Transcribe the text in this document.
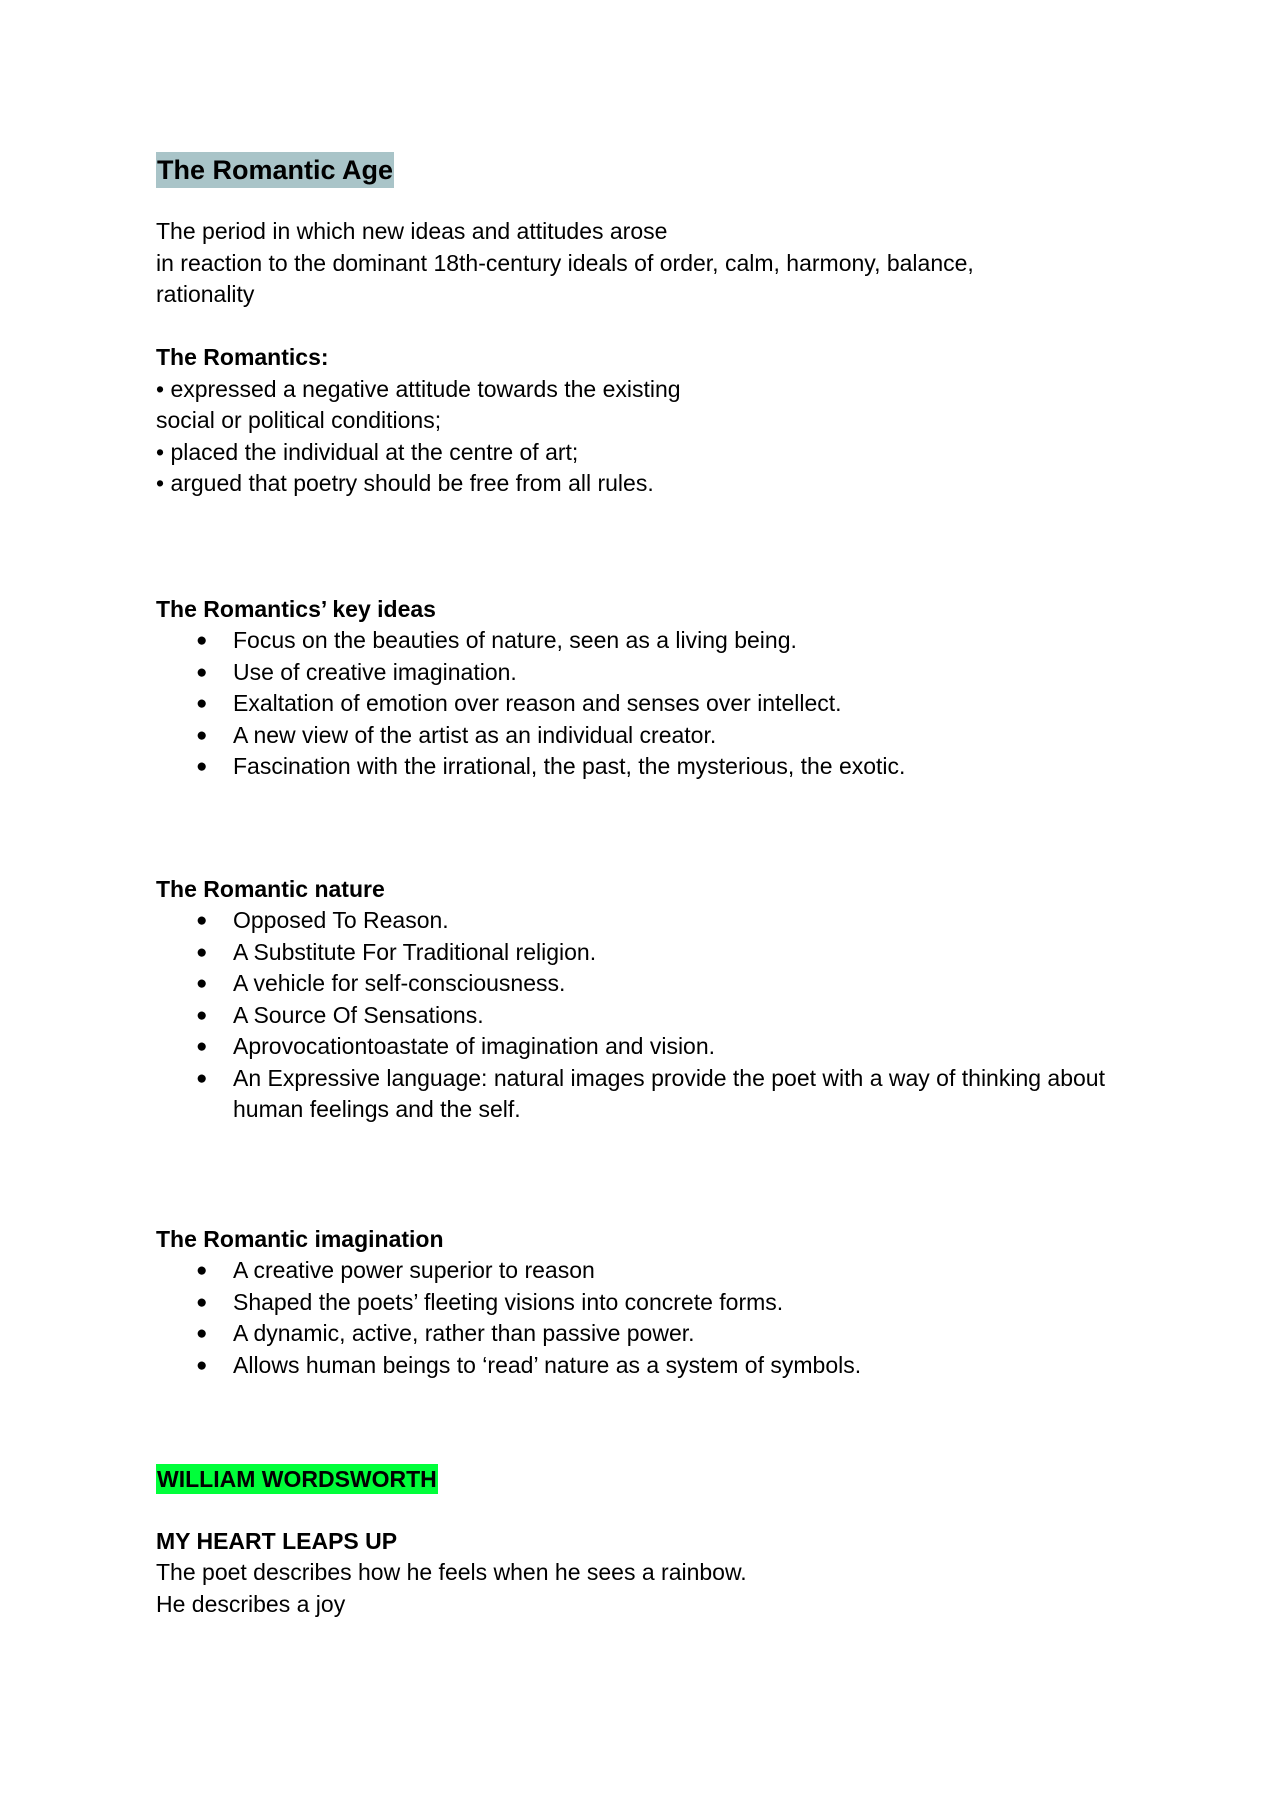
The Romantic Age

The period in which new ideas and attitudes arose

in reaction to the dominant 18th-century ideals of order, calm, harmony, balance,

rationality

The Romantics:

• expressed a negative attitude towards the existing

social or political conditions;

• placed the individual at the centre of art;

• argued that poetry should be free from all rules.

The Romantics’ key ideas

● Focus on the beauties of nature, seen as a living being.
● Use of creative imagination.
● Exaltation of emotion over reason and senses over intellect.
● A new view of the artist as an individual creator.
● Fascination with the irrational, the past, the mysterious, the exotic.

The Romantic nature

● Opposed To Reason.
● A Substitute For Traditional religion.
● A vehicle for self-consciousness.
● A Source Of Sensations.
● Aprovocationtoastate of imagination and vision.
● An Expressive language: natural images provide the poet with a way of thinking about human feelings and the self.

The Romantic imagination

● A creative power superior to reason
● Shaped the poets’ fleeting visions into concrete forms.
● A dynamic, active, rather than passive power.
● Allows human beings to ‘read’ nature as a system of symbols.
WILLIAM WORDSWORTH

MY HEART LEAPS UP

The poet describes how he feels when he sees a rainbow.

He describes a joy
